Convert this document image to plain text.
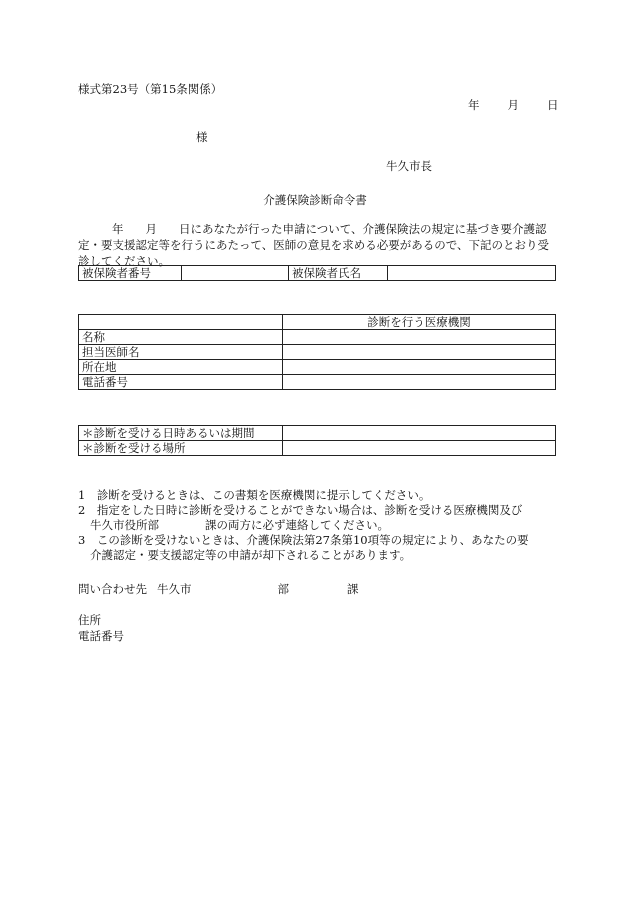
様式第23号（第15条関係）
年 月 日
様
牛久市長
介護保険診断命令書
年 月 日にあなたが行った申請について、介護保険法の規定に基づき要介護認定・要支援認定等を行うにあたって、医師の意見を求める必要があるので、下記のとおり受診してください。
被保険者番号		被保険者氏名	
	診断を行う医療機関
名称	
担当医師名	
所在地	
電話番号	
＊診断を受ける日時あるいは期間	
＊診断を受ける場所	

1　 診断を受けるときは、この書類を医療機関に提示してください。

2　 指定をした日時に診断を受けることができない場合は、診断を受ける医療機関及び

牛久市役所部　　　　課の両方に必ず連絡してください。

3　 この診断を受けないときは、介護保険法第27条第10項等の規定により、あなたの要

介護認定・要支援認定等の申請が却下されることがあります。

問い合わせ先 牛久市	部	課
住所
電話番号
